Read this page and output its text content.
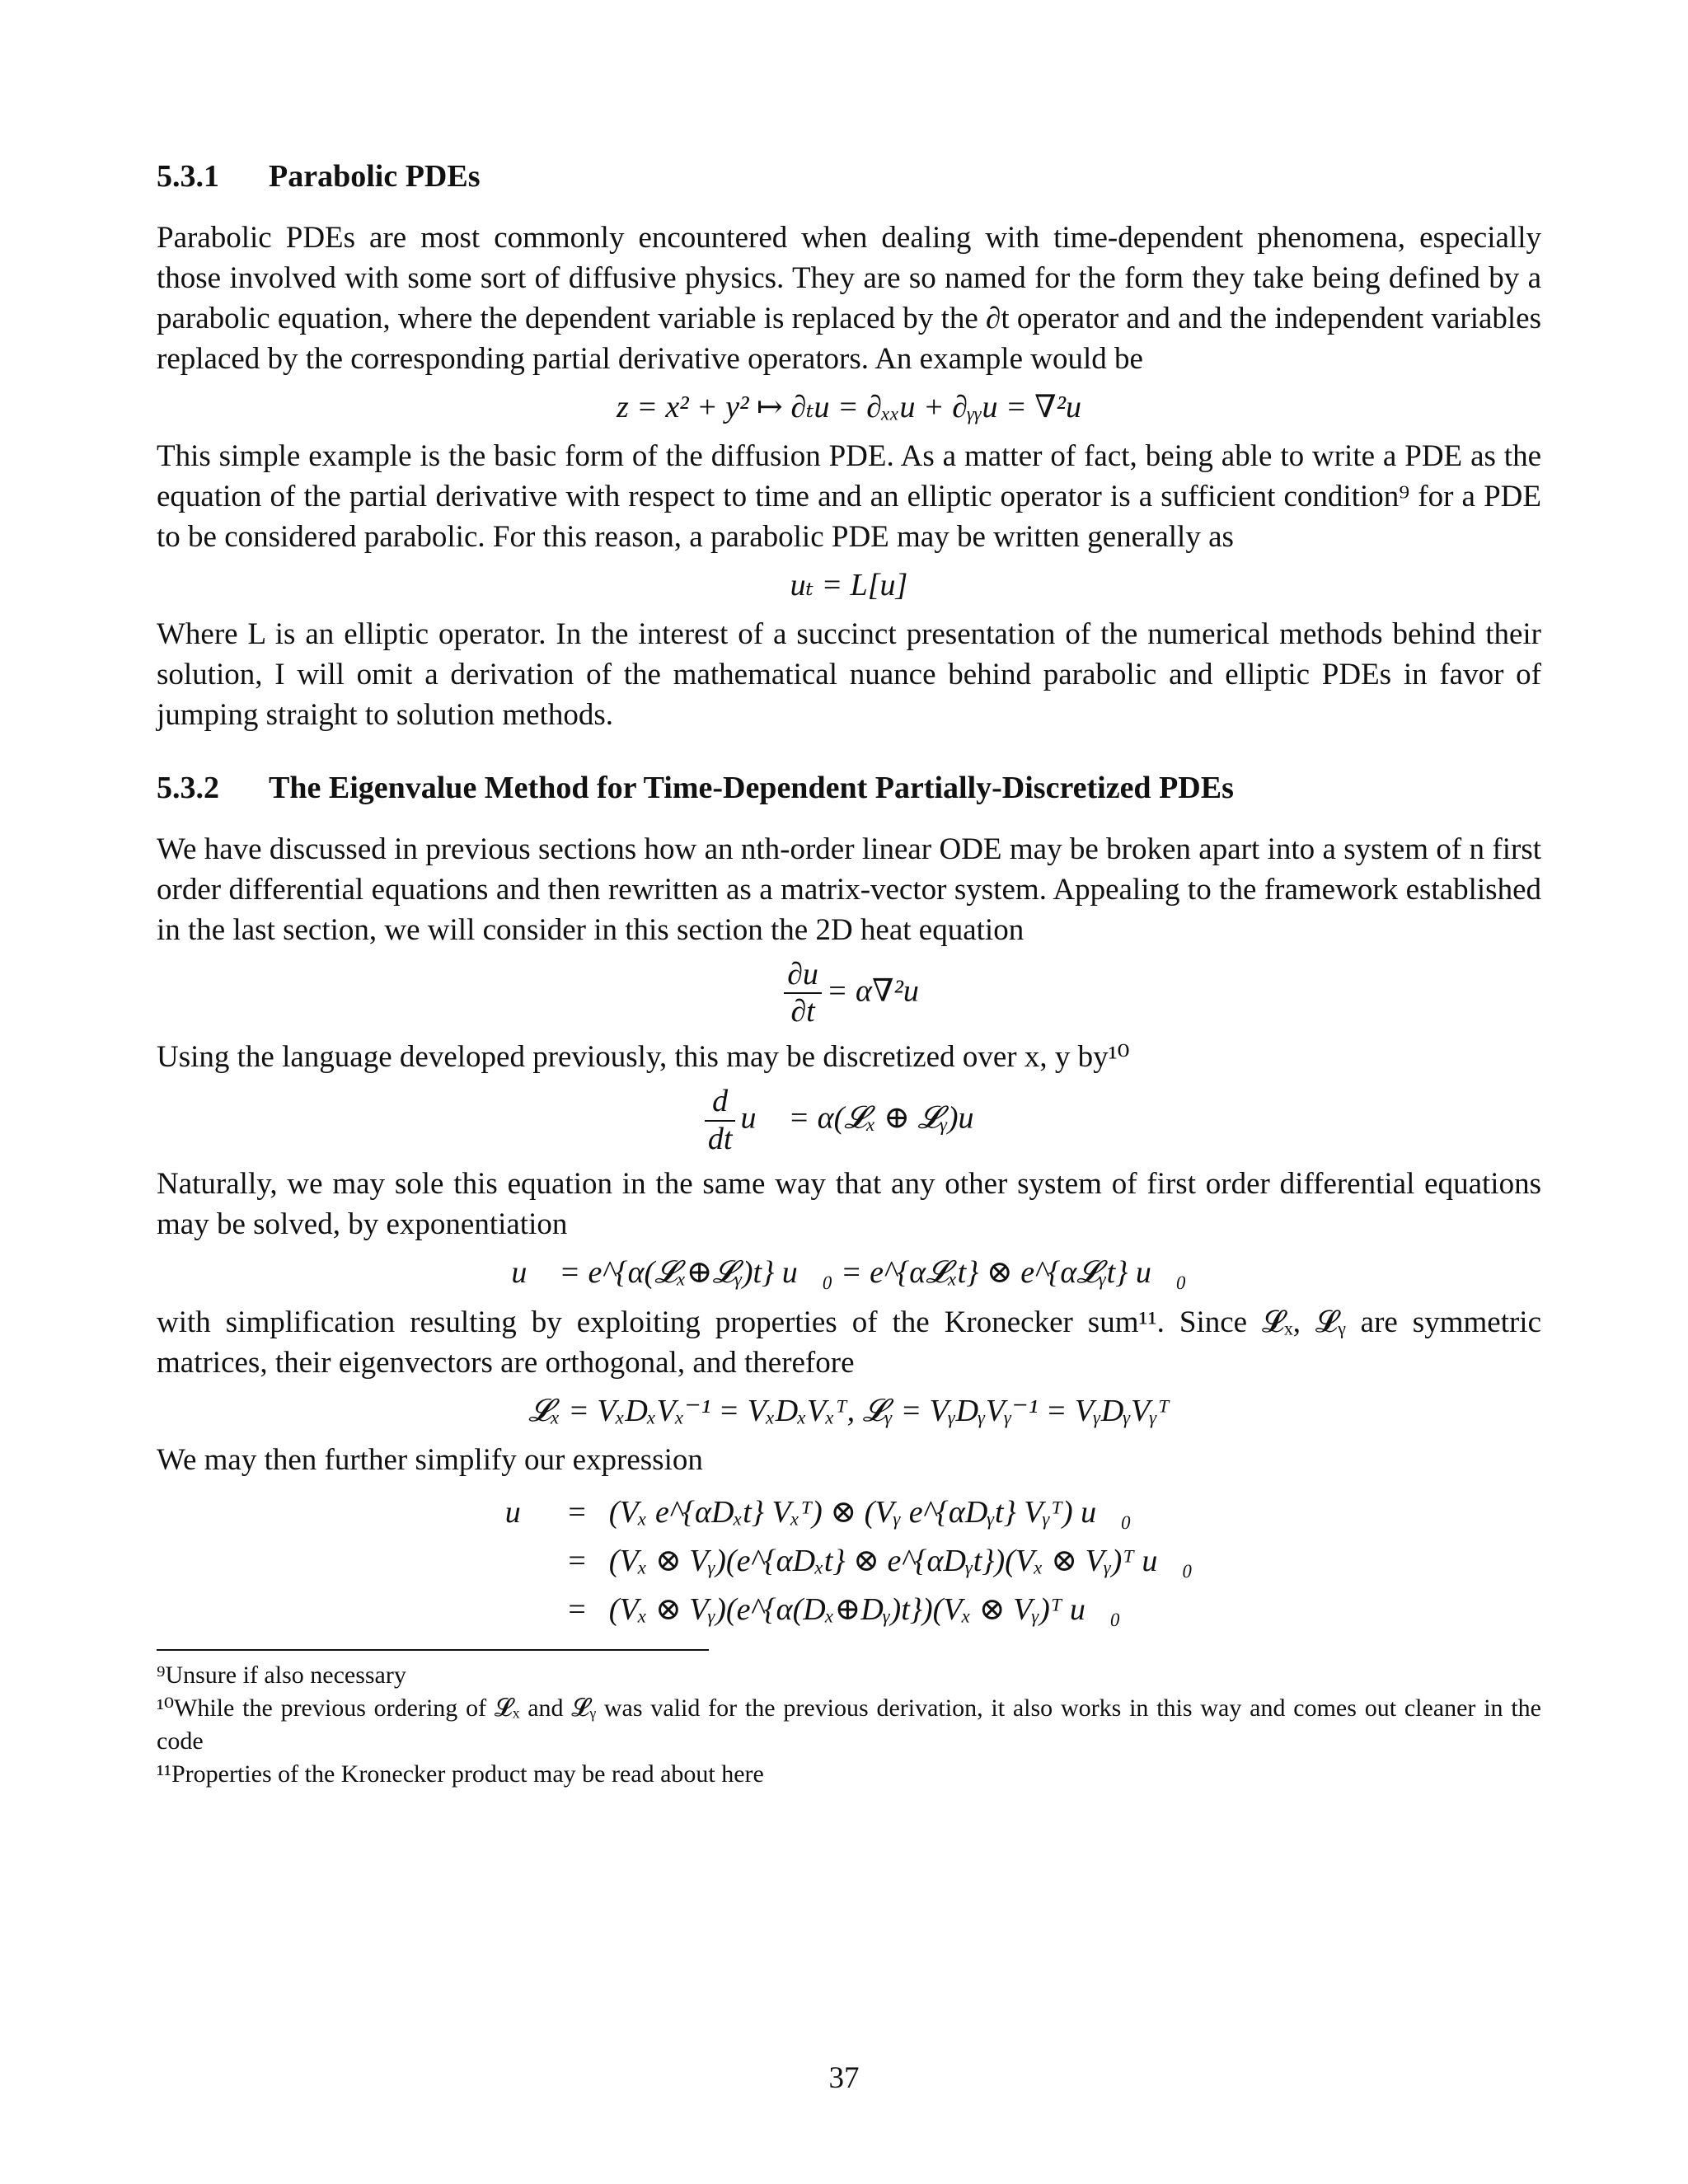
5.3.1 Parabolic PDEs

Parabolic PDEs are most commonly encountered when dealing with time-dependent phenomena, especially those involved with some sort of diffusive physics. They are so named for the form they take being defined by a parabolic equation, where the dependent variable is replaced by the ∂t operator and and the independent variables replaced by the corresponding partial derivative operators. An example would be

z = x² + y² ↦ ∂ₜu = ∂ₓₓu + ∂ᵧᵧu = ∇²u

This simple example is the basic form of the diffusion PDE. As a matter of fact, being able to write a PDE as the equation of the partial derivative with respect to time and an elliptic operator is a sufficient condition⁹ for a PDE to be considered parabolic. For this reason, a parabolic PDE may be written generally as

uₜ = L[u]

Where L is an elliptic operator. In the interest of a succinct presentation of the numerical methods behind their solution, I will omit a derivation of the mathematical nuance behind parabolic and elliptic PDEs in favor of jumping straight to solution methods.

5.3.2 The Eigenvalue Method for Time-Dependent Partially-Discretized PDEs

We have discussed in previous sections how an nth-order linear ODE may be broken apart into a system of n first order differential equations and then rewritten as a matrix-vector system. Appealing to the framework established in the last section, we will consider in this section the 2D heat equation

$\frac{\partial u}{\partial t} = \alpha\nabla^2u$

Using the language developed previously, this may be discretized over x, y by¹⁰

$\frac{d}{dt}$ u⃗ = α(𝓛ₓ ⊕ 𝓛ᵧ)u⃗

Naturally, we may sole this equation in the same way that any other system of first order differential equations may be solved, by exponentiation

u⃗ = e^{α(𝓛ₓ⊕𝓛ᵧ)t} u⃗₀ = e^{α𝓛ₓt} ⊗ e^{α𝓛ᵧt} u⃗₀

with simplification resulting by exploiting properties of the Kronecker sum¹¹. Since 𝓛ₓ, 𝓛ᵧ are symmetric matrices, their eigenvectors are orthogonal, and therefore

𝓛ₓ = VₓDₓVₓ⁻¹ = VₓDₓVₓᵀ, 𝓛ᵧ = VᵧDᵧVᵧ⁻¹ = VᵧDᵧVᵧᵀ

We may then further simplify our expression

u⃗	=	(Vₓ e^{αDₓt} Vₓᵀ) ⊗ (Vᵧ e^{αDᵧt} Vᵧᵀ) u⃗₀
	=	(Vₓ ⊗ Vᵧ)(e^{αDₓt} ⊗ e^{αDᵧt})(Vₓ ⊗ Vᵧ)ᵀ u⃗₀
	=	(Vₓ ⊗ Vᵧ)(e^{α(Dₓ⊕Dᵧ)t})(Vₓ ⊗ Vᵧ)ᵀ u⃗₀
⁹Unsure if also necessary
¹⁰While the previous ordering of 𝓛ₓ and 𝓛ᵧ was valid for the previous derivation, it also works in this way and comes out cleaner in the code
¹¹Properties of the Kronecker product may be read about here
37
